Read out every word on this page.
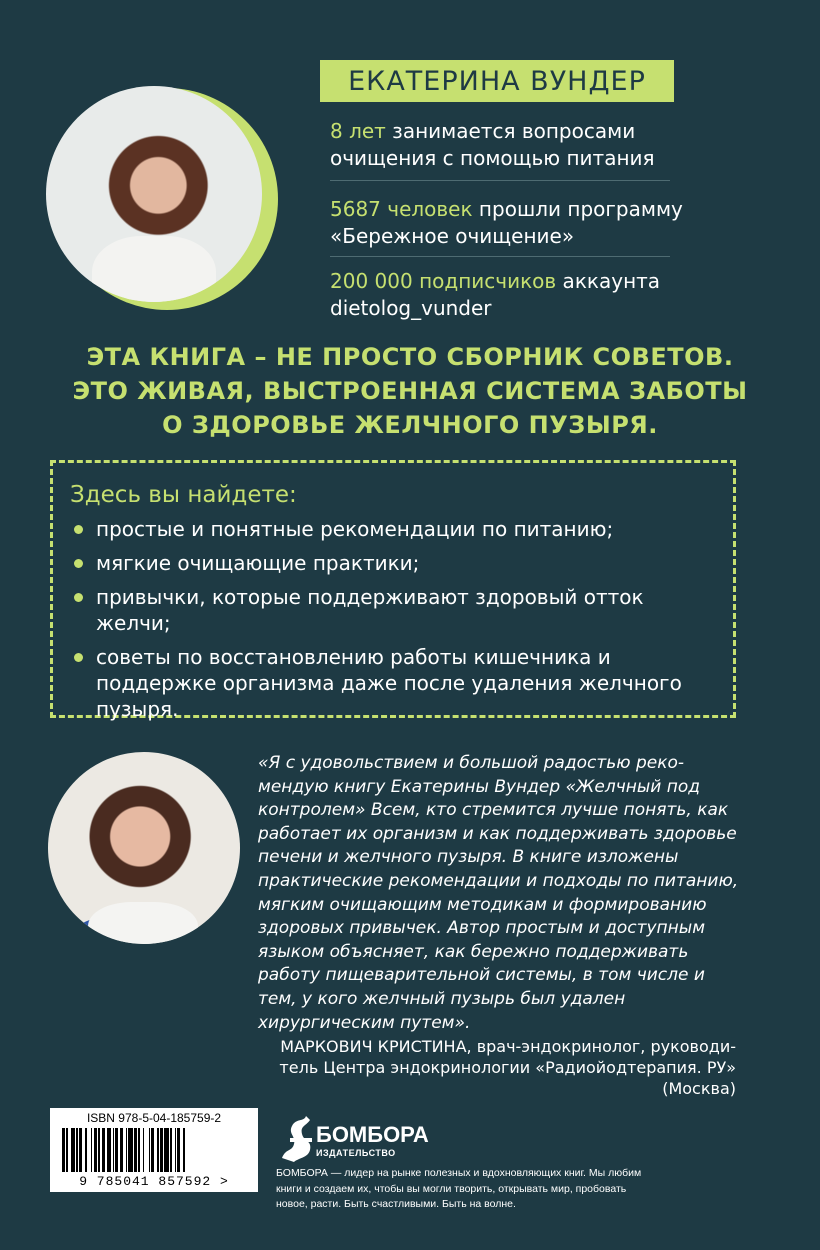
ЕКАТЕРИНА ВУНДЕР
8 лет занимается вопросами очищения с помощью питания
5687 человек прошли программу «Бережное очищение»
200 000 подписчиков аккаунта dietolog_vunder
ЭТА КНИГА – НЕ ПРОСТО СБОРНИК СОВЕТОВ.
ЭТО ЖИВАЯ, ВЫСТРОЕННАЯ СИСТЕМА ЗАБОТЫ
О ЗДОРОВЬЕ ЖЕЛЧНОГО ПУЗЫРЯ.
Здесь вы найдете:
простые и понятные рекомендации по питанию;
мягкие очищающие практики;
привычки, которые поддерживают здоровый отток желчи;
советы по восстановлению работы кишечника и поддержке организма даже после удаления желчного пузыря.
«Я с удовольствием и большой радостью рекомендую книгу Екатерины Вундер «Желчный под контролем» Всем, кто стремится лучше понять, как работает их организм и как поддерживать здоровье печени и желчного пузыря. В книге изложены практические рекомендации и подходы по питанию, мягким очищающим методикам и формированию здоровых привычек. Автор простым и доступным языком объясняет, как бережно поддерживать работу пищеварительной системы, в том числе и тем, у кого желчный пузырь был удален хирургическим путем».
МАРКОВИЧ КРИСТИНА, врач-эндокринолог, руководитель Центра эндокринологии «Радиойодтерапия. РУ» (Москва)
ISBN 978-5-04-185759-2
9 785041 857592 >
БОМБОРА
ИЗДАТЕЛЬСТВО
БОМБОРА — лидер на рынке полезных и вдохновляющих книг. Мы любим книги и создаем их, чтобы вы могли творить, открывать мир, пробовать новое, расти. Быть счастливыми. Быть на волне.
